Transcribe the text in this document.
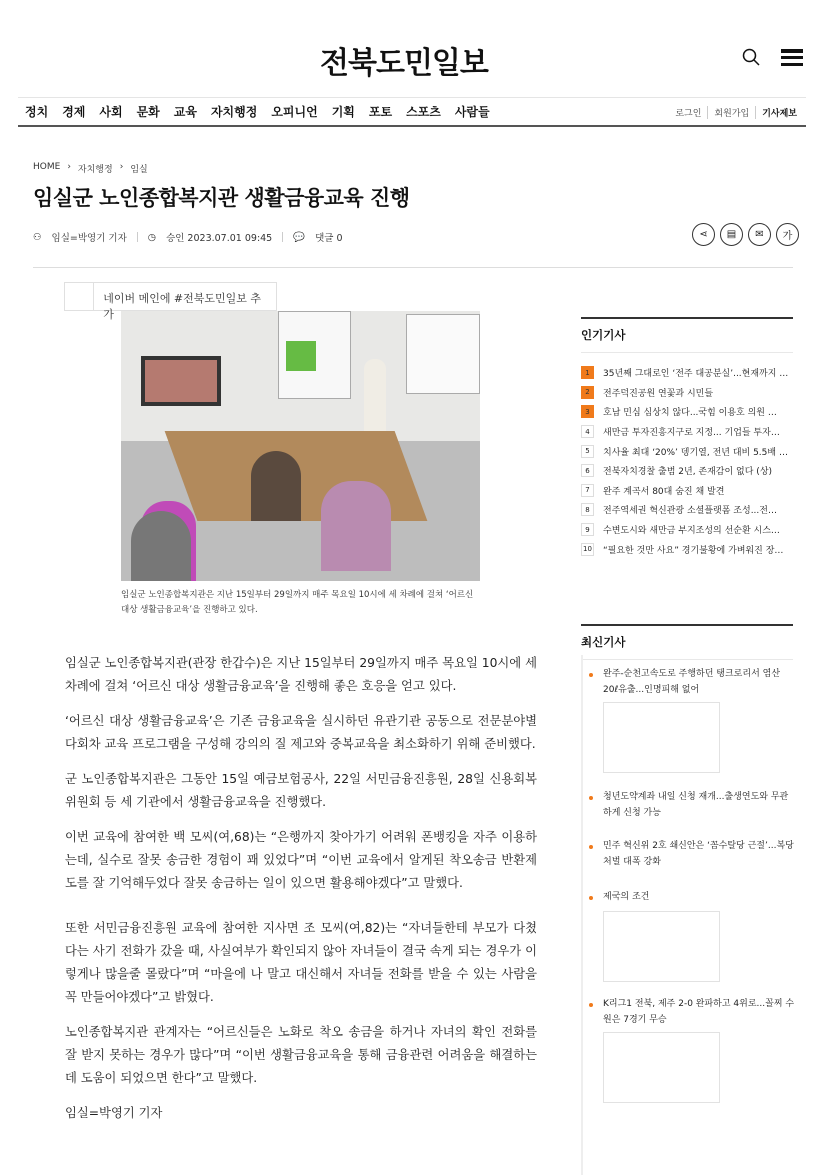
전북도민일보
정치 경제 사회 문화 교육 자치행정 오피니언 기획 포토 스포츠 사람들	로그인	회원가입	기사제보
HOME › 자치행정 › 임실
임실군 노인종합복지관 생활금융교육 진행
⚇ 임실=박영기 기자 ◷ 승인 2023.07.01 09:45 💬 댓글 0	⋖	▤	✉	가
네이버 메인에 #전북도민일보 추가
임실군 노인종합복지관은 지난 15일부터 29일까지 매주 목요일 10시에 세 차례에 걸쳐 ‘어르신 대상 생활금융교육’을 진행하고 있다.

임실군 노인종합복지관(관장 한갑수)은 지난 15일부터 29일까지 매주 목요일 10시에 세 차례에 걸쳐 ‘어르신 대상 생활금융교육’을 진행해 좋은 호응을 얻고 있다.

‘어르신 대상 생활금융교육’은 기존 금융교육을 실시하던 유관기관 공동으로 전문분야별 다회차 교육 프로그램을 구성해 강의의 질 제고와 중복교육을 최소화하기 위해 준비했다.

군 노인종합복지관은 그동안 15일 예금보험공사, 22일 서민금융진흥원, 28일 신용회복위원회 등 세 기관에서 생활금융교육을 진행했다.

이번 교육에 참여한 백 모씨(여,68)는 “은행까지 찾아가기 어려워 폰뱅킹을 자주 이용하는데, 실수로 잘못 송금한 경험이 꽤 있었다”며 “이번 교육에서 알게된 착오송금 반환제도를 잘 기억해두었다 잘못 송금하는 일이 있으면 활용해야겠다”고 말했다.

또한 서민금융진흥원 교육에 참여한 지사면 조 모씨(여,82)는 “자녀들한테 부모가 다쳤다는 사기 전화가 갔을 때, 사실여부가 확인되지 않아 자녀들이 결국 속게 되는 경우가 이렇게나 많을줄 몰랐다”며 “마을에 나 말고 대신해서 자녀들 전화를 받을 수 있는 사람을 꼭 만들어야겠다”고 밝혔다.

노인종합복지관 관계자는 “어르신들은 노화로 착오 송금을 하거나 자녀의 확인 전화를 잘 받지 못하는 경우가 많다”며 “이번 생활금융교육을 통해 금융관련 어려움을 해결하는데 도움이 되었으면 한다”고 말했다.

임실=박영기 기자

인기기사
1	35년째 그대로인 ‘전주 대공분실’...현재까지 …
2	전주덕진공원 연꽃과 시민들
3	호남 민심 심상치 않다...국힘 이용호 의원 …
4	새만금 투자진흥지구로 지정... 기업들 투자…
5	치사율 최대 ‘20%’ 뎅기열, 전년 대비 5.5배 …
6	전북자치경찰 출범 2년, 존재감이 없다 (상)
7	완주 계곡서 80대 숨진 채 발견
8	전주역세권 혁신관광 소셜플랫폼 조성...전…
9	수변도시와 새만금 부지조성의 선순환 시스…
10 “필요한 것만 사요” 경기불황에 가벼워진 장…
최신기사
완주-순천고속도로 주행하던 탱크로리서 염산 20ℓ유출...인명피해 없어
청년도약계좌 내일 신청 재개...출생연도와 무관하게 신청 가능
민주 혁신위 2호 쇄신안은 ‘꼼수탈당 근절’...복당 처벌 대폭 강화
제국의 조건
K리그1 전북, 제주 2-0 완파하고 4위로...꼴찌 수원은 7경기 무승
